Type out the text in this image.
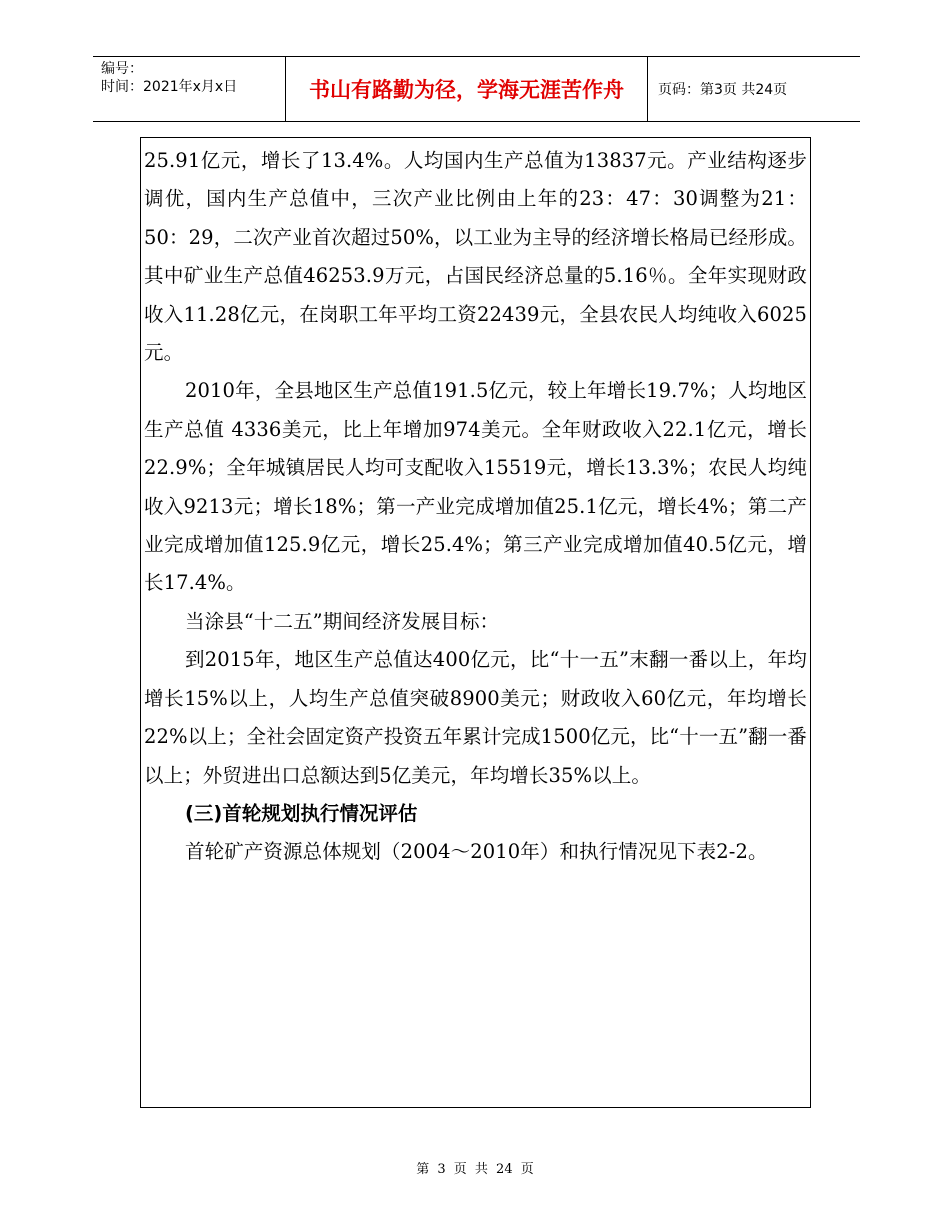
编号：
时间：2021年x月x日	书山有路勤为径，学海无涯苦作舟	页码：第3页 共24页

25.91亿元，增长了13.4%。人均国内生产总值为13837元。产业结构逐步调优，国内生产总值中，三次产业比例由上年的23：47：30调整为21：50：29，二次产业首次超过50%，以工业为主导的经济增长格局已经形成。其中矿业生产总值46253.9万元，占国民经济总量的5.16％。全年实现财政收入11.28亿元，在岗职工年平均工资22439元，全县农民人均纯收入6025元。

2010年，全县地区生产总值191.5亿元，较上年增长19.7%；人均地区生产总值 4336美元，比上年增加974美元。全年财政收入22.1亿元，增长22.9%；全年城镇居民人均可支配收入15519元，增长13.3%；农民人均纯收入9213元；增长18%；第一产业完成增加值25.1亿元，增长4%；第二产业完成增加值125.9亿元，增长25.4%；第三产业完成增加值40.5亿元，增长17.4%。

当涂县“十二五”期间经济发展目标：

到2015年，地区生产总值达400亿元，比“十一五”末翻一番以上，年均增长15%以上，人均生产总值突破8900美元；财政收入60亿元，年均增长22%以上；全社会固定资产投资五年累计完成1500亿元，比“十一五”翻一番以上；外贸进出口总额达到5亿美元，年均增长35%以上。

(三)首轮规划执行情况评估

首轮矿产资源总体规划（2004～2010年）和执行情况见下表2-2。

第 3 页 共 24 页
